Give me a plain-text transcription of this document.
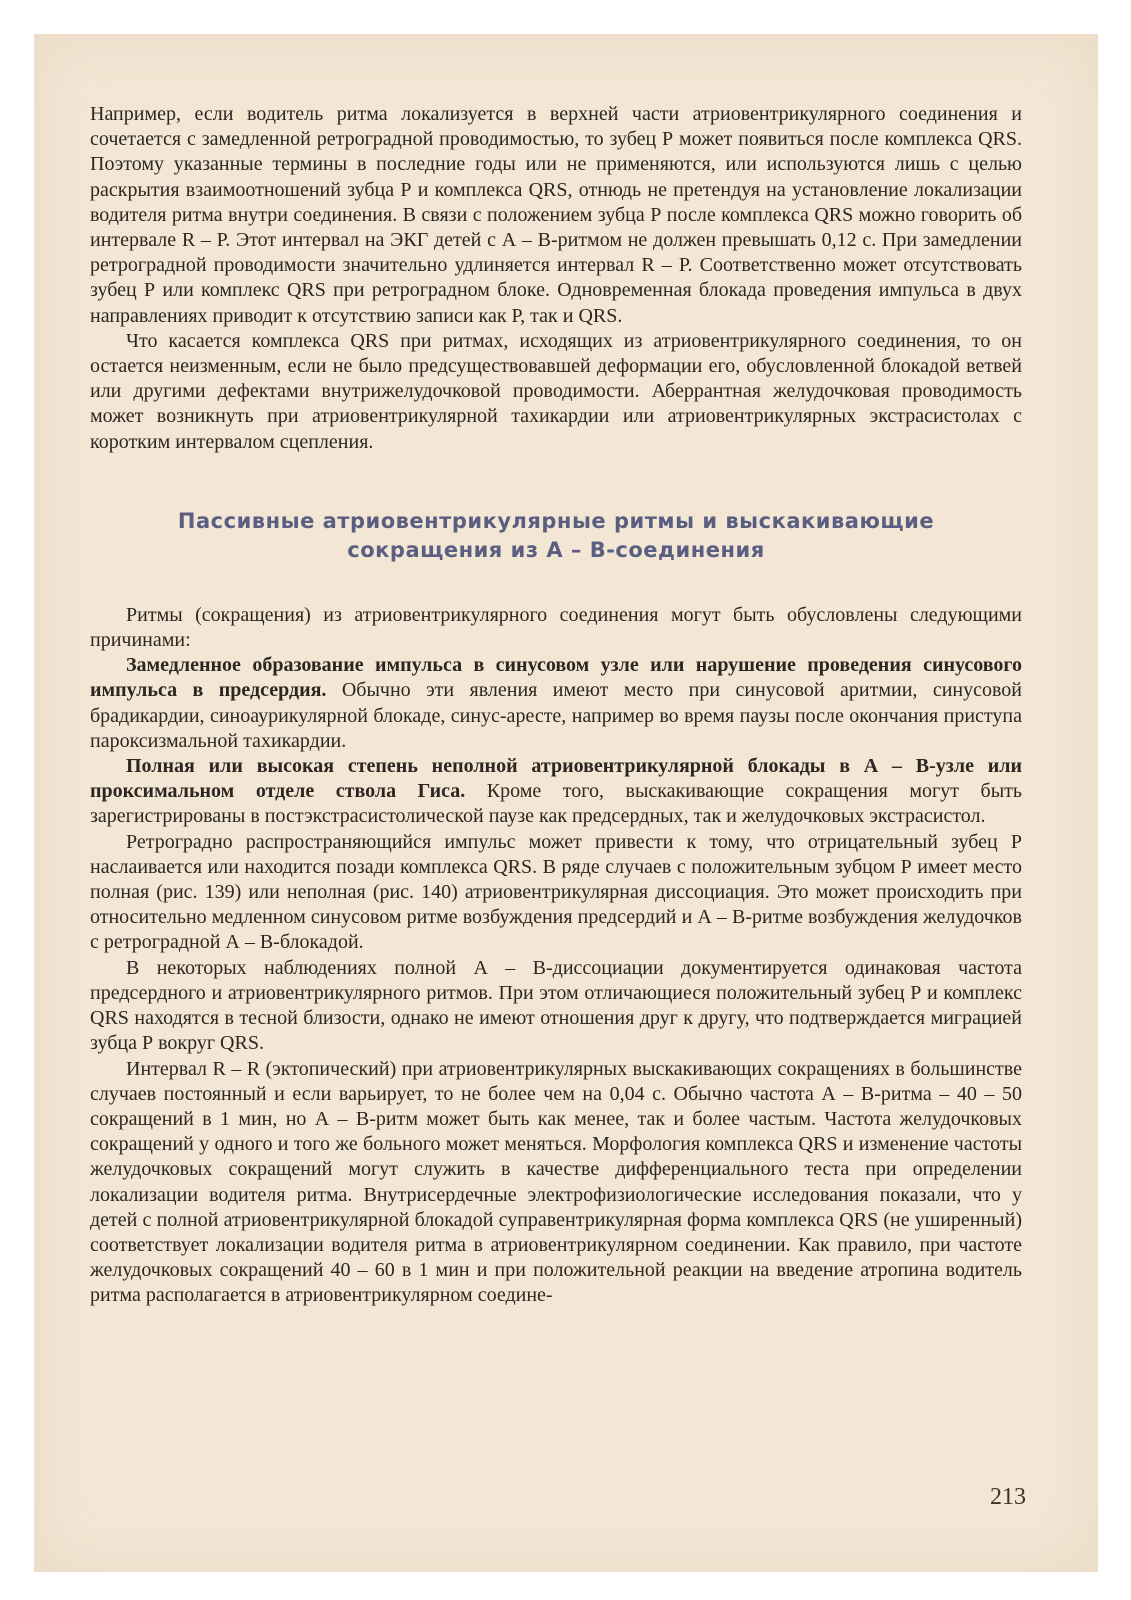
Например, если водитель ритма локализуется в верхней части атриовентрикулярного соединения и сочетается с замедленной ретроградной проводимостью, то зубец Р может появиться после комплекса QRS. Поэтому указанные термины в последние годы или не применяются, или используются лишь с целью раскрытия взаимоотношений зубца Р и комплекса QRS, отнюдь не претендуя на установление локализации водителя ритма внутри соединения. В связи с положением зубца Р после комплекса QRS можно говорить об интервале R – Р. Этот интервал на ЭКГ детей с А – В-ритмом не должен превышать 0,12 с. При замедлении ретроградной проводимости значительно удлиняется интервал R – Р. Соответственно может отсутствовать зубец Р или комплекс QRS при ретроградном блоке. Одновременная блокада проведения импульса в двух направлениях приводит к отсутствию записи как Р, так и QRS.

Что касается комплекса QRS при ритмах, исходящих из атриовентрикулярного соединения, то он остается неизменным, если не было предсуществовавшей деформации его, обусловленной блокадой ветвей или другими дефектами внутрижелудочковой проводимости. Аберрантная желудочковая проводимость может возникнуть при атриовентрикулярной тахикардии или атриовентрикулярных экстрасистолах с коротким интервалом сцепления.

Пассивные атриовентрикулярные ритмы и выскакивающие
сокращения из А – В-соединения

Ритмы (сокращения) из атриовентрикулярного соединения могут быть обусловлены следующими причинами:

Замедленное образование импульса в синусовом узле или нарушение проведения синусового импульса в предсердия. Обычно эти явления имеют место при синусовой аритмии, синусовой брадикардии, синоаурикулярной блокаде, синус-аресте, например во время паузы после окончания приступа пароксизмальной тахикардии.

Полная или высокая степень неполной атриовентрикулярной блокады в А – В-узле или проксимальном отделе ствола Гиса. Кроме того, выскакивающие сокращения могут быть зарегистрированы в постэкстрасистолической паузе как предсердных, так и желудочковых экстрасистол.

Ретроградно распространяющийся импульс может привести к тому, что отрицательный зубец Р наслаивается или находится позади комплекса QRS. В ряде случаев с положительным зубцом Р имеет место полная (рис. 139) или неполная (рис. 140) атриовентрикулярная диссоциация. Это может происходить при относительно медленном синусовом ритме возбуждения предсердий и А – В-ритме возбуждения желудочков с ретроградной А – В-блокадой.

В некоторых наблюдениях полной А – В-диссоциации документируется одинаковая частота предсердного и атриовентрикулярного ритмов. При этом отличающиеся положительный зубец Р и комплекс QRS находятся в тесной близости, однако не имеют отношения друг к другу, что подтверждается миграцией зубца Р вокруг QRS.

Интервал R – R (эктопический) при атриовентрикулярных выскакивающих сокращениях в большинстве случаев постоянный и если варьирует, то не более чем на 0,04 с. Обычно частота А – В-ритма – 40 – 50 сокращений в 1 мин, но А – В-ритм может быть как менее, так и более частым. Частота желудочковых сокращений у одного и того же больного может меняться. Морфология комплекса QRS и изменение частоты желудочковых сокращений могут служить в качестве дифференциального теста при определении локализации водителя ритма. Внутрисердечные электрофизиологические исследования показали, что у детей с полной атриовентрикулярной блокадой суправентрикулярная форма комплекса QRS (не уширенный) соответствует локализации водителя ритма в атриовентрикулярном соединении. Как правило, при частоте желудочковых сокращений 40 – 60 в 1 мин и при положительной реакции на введение атропина водитель ритма располагается в атриовентрикулярном соедине-

213
